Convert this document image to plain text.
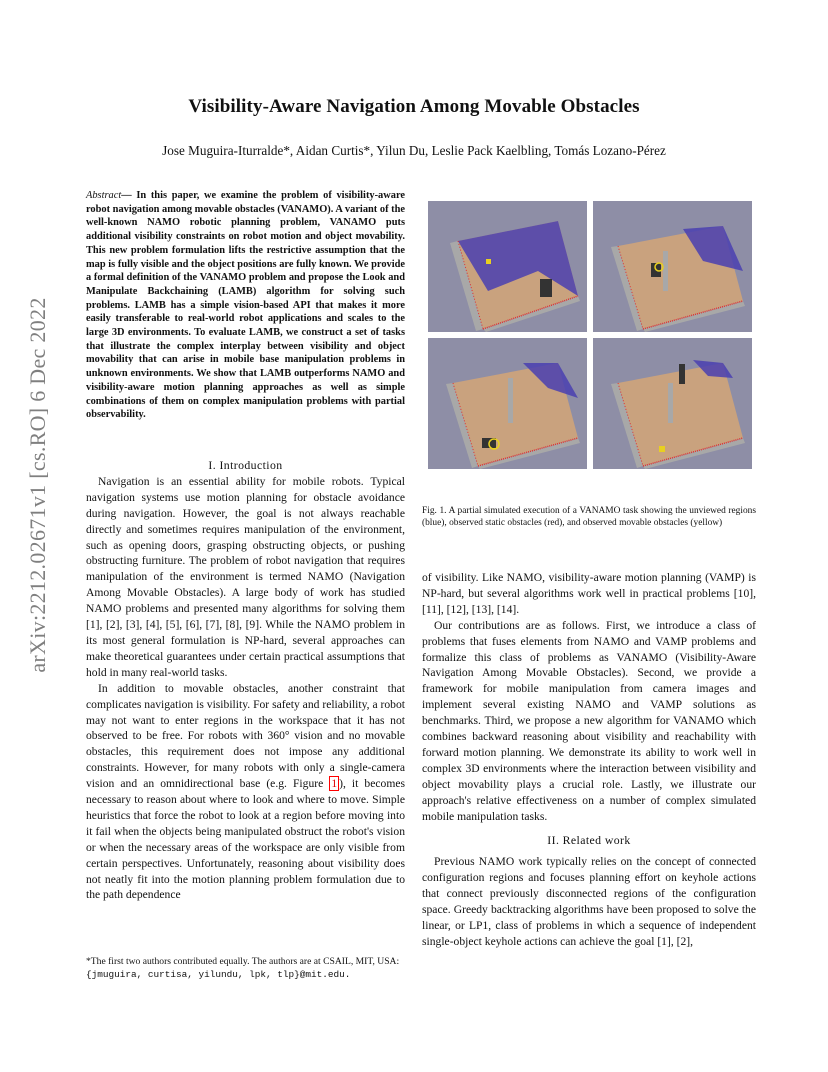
Visibility-Aware Navigation Among Movable Obstacles
Jose Muguira-Iturralde*, Aidan Curtis*, Yilun Du, Leslie Pack Kaelbling, Tomás Lozano-Pérez
arXiv:2212.02671v1 [cs.RO] 6 Dec 2022
Abstract— In this paper, we examine the problem of visibility-aware robot navigation among movable obstacles (VANAMO). A variant of the well-known NAMO robotic planning problem, VANAMO puts additional visibility constraints on robot motion and object movability. This new problem formulation lifts the restrictive assumption that the map is fully visible and the object positions are fully known. We provide a formal definition of the VANAMO problem and propose the Look and Manipulate Backchaining (LAMB) algorithm for solving such problems. LAMB has a simple vision-based API that makes it more easily transferable to real-world robot applications and scales to the large 3D environments. To evaluate LAMB, we construct a set of tasks that illustrate the complex interplay between visibility and object movability that can arise in mobile base manipulation problems in unknown environments. We show that LAMB outperforms NAMO and visibility-aware motion planning approaches as well as simple combinations of them on complex manipulation problems with partial observability.

I. Introduction

Navigation is an essential ability for mobile robots. Typical navigation systems use motion planning for obstacle avoidance during navigation. However, the goal is not always reachable directly and sometimes requires manipulation of the environment, such as opening doors, grasping obstructing objects, or pushing obstructing furniture. The problem of robot navigation that requires manipulation of the environment is termed NAMO (Navigation Among Movable Obstacles). A large body of work has studied NAMO problems and presented many algorithms for solving them [1], [2], [3], [4], [5], [6], [7], [8], [9]. While the NAMO problem in its most general formulation is NP-hard, several approaches can make theoretical guarantees under certain practical assumptions that hold in many real-world tasks.

In addition to movable obstacles, another constraint that complicates navigation is visibility. For safety and reliability, a robot may not want to enter regions in the workspace that it has not observed to be free. For robots with 360° vision and no movable obstacles, this requirement does not impose any additional constraints. However, for many robots with only a single-camera vision and an omnidirectional base (e.g. Figure 1 ), it becomes necessary to reason about where to look and where to move. Simple heuristics that force the robot to look at a region before moving into it fail when the objects being manipulated obstruct the robot's vision or when the necessary areas of the workspace are only visible from certain perspectives. Unfortunately, reasoning about visibility does not neatly fit into the motion planning problem formulation due to the path dependence

Fig. 1. A partial simulated execution of a VANAMO task showing the unviewed regions (blue), observed static obstacles (red), and observed movable obstacles (yellow)

of visibility. Like NAMO, visibility-aware motion planning (VAMP) is NP-hard, but several algorithms work well in practical problems [10], [11], [12], [13], [14].

Our contributions are as follows. First, we introduce a class of problems that fuses elements from NAMO and VAMP problems and formalize this class of problems as VANAMO (Visibility-Aware Navigation Among Movable Obstacles). Second, we provide a framework for mobile manipulation from camera images and implement several existing NAMO and VAMP solutions as benchmarks. Third, we propose a new algorithm for VANAMO which combines backward reasoning about visibility and reachability with forward motion planning. We demonstrate its ability to work well in complex 3D environments where the interaction between visibility and object movability plays a crucial role. Lastly, we illustrate our approach's relative effectiveness on a number of complex simulated mobile manipulation tasks.

II. Related work

Previous NAMO work typically relies on the concept of connected configuration regions and focuses planning effort on keyhole actions that connect previously disconnected regions of the configuration space. Greedy backtracking algorithms have been proposed to solve the linear, or LP1, class of problems in which a sequence of independent single-object keyhole actions can achieve the goal [1], [2],

*The first two authors contributed equally. The authors are at CSAIL, MIT, USA: {jmuguira, curtisa, yilundu, lpk, tlp}@mit.edu.
